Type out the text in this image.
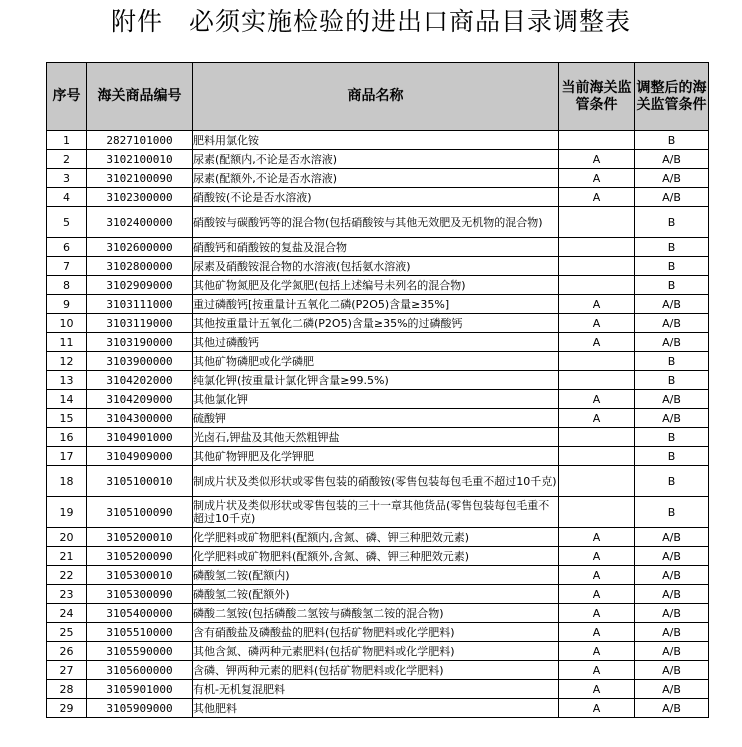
附件　必须实施检验的进出口商品目录调整表
序号	海关商品编号	商品名称	当前海关监管条件	调整后的海关监管条件
1	2827101000	肥料用氯化铵		B
2	3102100010	尿素(配额内,不论是否水溶液)	A	A/B
3	3102100090	尿素(配额外,不论是否水溶液)	A	A/B
4	3102300000	硝酸铵(不论是否水溶液)	A	A/B
5	3102400000	硝酸铵与碳酸钙等的混合物(包括硝酸铵与其他无效肥及无机物的混合物)		B
6	3102600000	硝酸钙和硝酸铵的复盐及混合物		B
7	3102800000	尿素及硝酸铵混合物的水溶液(包括氨水溶液)		B
8	3102909000	其他矿物氮肥及化学氮肥(包括上述编号未列名的混合物)		B
9	3103111000	重过磷酸钙[按重量计五氧化二磷(P2O5)含量≥35%]	A	A/B
10	3103119000	其他按重量计五氧化二磷(P2O5)含量≥35%的过磷酸钙	A	A/B
11	3103190000	其他过磷酸钙	A	A/B
12	3103900000	其他矿物磷肥或化学磷肥		B
13	3104202000	纯氯化钾(按重量计氯化钾含量≥99.5%)		B
14	3104209000	其他氯化钾	A	A/B
15	3104300000	硫酸钾	A	A/B
16	3104901000	光卤石,钾盐及其他天然粗钾盐		B
17	3104909000	其他矿物钾肥及化学钾肥		B
18	3105100010	制成片状及类似形状或零售包装的硝酸铵(零售包装每包毛重不超过10千克)		B
19	3105100090	制成片状及类似形状或零售包装的三十一章其他货品(零售包装每包毛重不超过10千克)		B
20	3105200010	化学肥料或矿物肥料(配额内,含氮、磷、钾三种肥效元素)	A	A/B
21	3105200090	化学肥料或矿物肥料(配额外,含氮、磷、钾三种肥效元素)	A	A/B
22	3105300010	磷酸氢二铵(配额内)	A	A/B
23	3105300090	磷酸氢二铵(配额外)	A	A/B
24	3105400000	磷酸二氢铵(包括磷酸二氢铵与磷酸氢二铵的混合物)	A	A/B
25	3105510000	含有硝酸盐及磷酸盐的肥料(包括矿物肥料或化学肥料)	A	A/B
26	3105590000	其他含氮、磷两种元素肥料(包括矿物肥料或化学肥料)	A	A/B
27	3105600000	含磷、钾两种元素的肥料(包括矿物肥料或化学肥料)	A	A/B
28	3105901000	有机-无机复混肥料	A	A/B
29	3105909000	其他肥料	A	A/B
